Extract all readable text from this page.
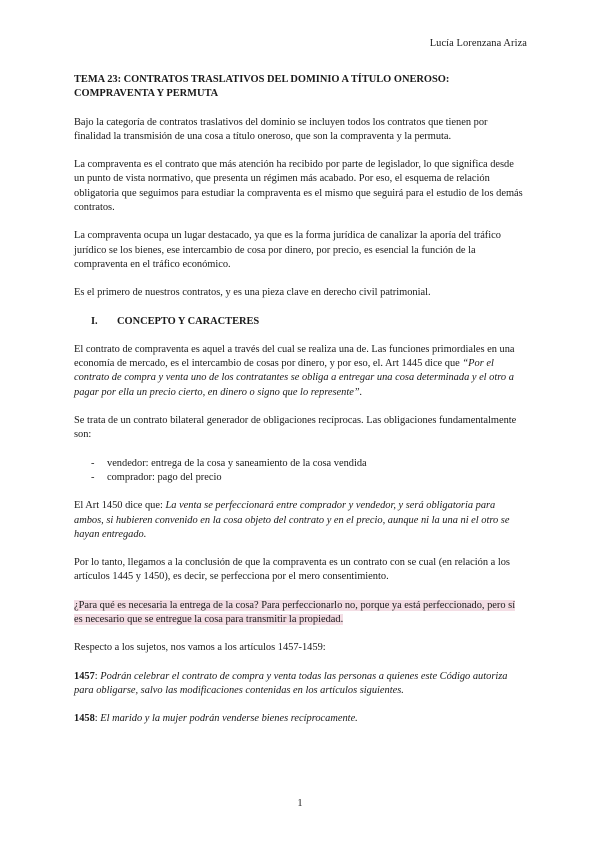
Lucía Lorenzana Ariza
TEMA 23: CONTRATOS TRASLATIVOS DEL DOMINIO A TÍTULO ONEROSO:
COMPRAVENTA Y PERMUTA

Bajo la categoría de contratos traslativos del dominio se incluyen todos los contratos que tienen por finalidad la transmisión de una cosa a título oneroso, que son la compraventa y la permuta.

La compraventa es el contrato que más atención ha recibido por parte de legislador, lo que significa desde un punto de vista normativo, que presenta un régimen más acabado. Por eso, el esquema de relación obligatoria que seguimos para estudiar la compraventa es el mismo que seguirá para el estudio de los demás contratos.

La compraventa ocupa un lugar destacado, ya que es la forma jurídica de canalizar la aporía del tráfico jurídico se los bienes, ese intercambio de cosa por dinero, por precio, es esencial la función de la compraventa en el tráfico económico.

Es el primero de nuestros contratos, y es una pieza clave en derecho civil patrimonial.

I. CONCEPTO Y CARACTERES

El contrato de compraventa es aquel a través del cual se realiza una de. Las funciones primordiales en una economía de mercado, es el intercambio de cosas por dinero, y por eso, el. Art 1445 dice que “Por el contrato de compra y venta uno de los contratantes se obliga a entregar una cosa determinada y el otro a pagar por ella un precio cierto, en dinero o signo que lo represente”.

Se trata de un contrato bilateral generador de obligaciones recíprocas. Las obligaciones fundamentalmente son:

- vendedor: entrega de la cosa y saneamiento de la cosa vendida
- comprador: pago del precio

El Art 1450 dice que: La venta se perfeccionará entre comprador y vendedor, y será obligatoria para ambos, si hubieren convenido en la cosa objeto del contrato y en el precio, aunque ni la una ni el otro se hayan entregado.

Por lo tanto, llegamos a la conclusión de que la compraventa es un contrato con se cual (en relación a los artículos 1445 y 1450), es decir, se perfecciona por el mero consentimiento.

¿Para qué es necesaria la entrega de la cosa? Para perfeccionarlo no, porque ya está perfeccionado, pero sí es necesario que se entregue la cosa para transmitir la propiedad.

Respecto a los sujetos, nos vamos a los artículos 1457-1459:

1457: Podrán celebrar el contrato de compra y venta todas las personas a quienes este Código autoriza para obligarse, salvo las modificaciones contenidas en los artículos siguientes.

1458: El marido y la mujer podrán venderse bienes recíprocamente.

1
